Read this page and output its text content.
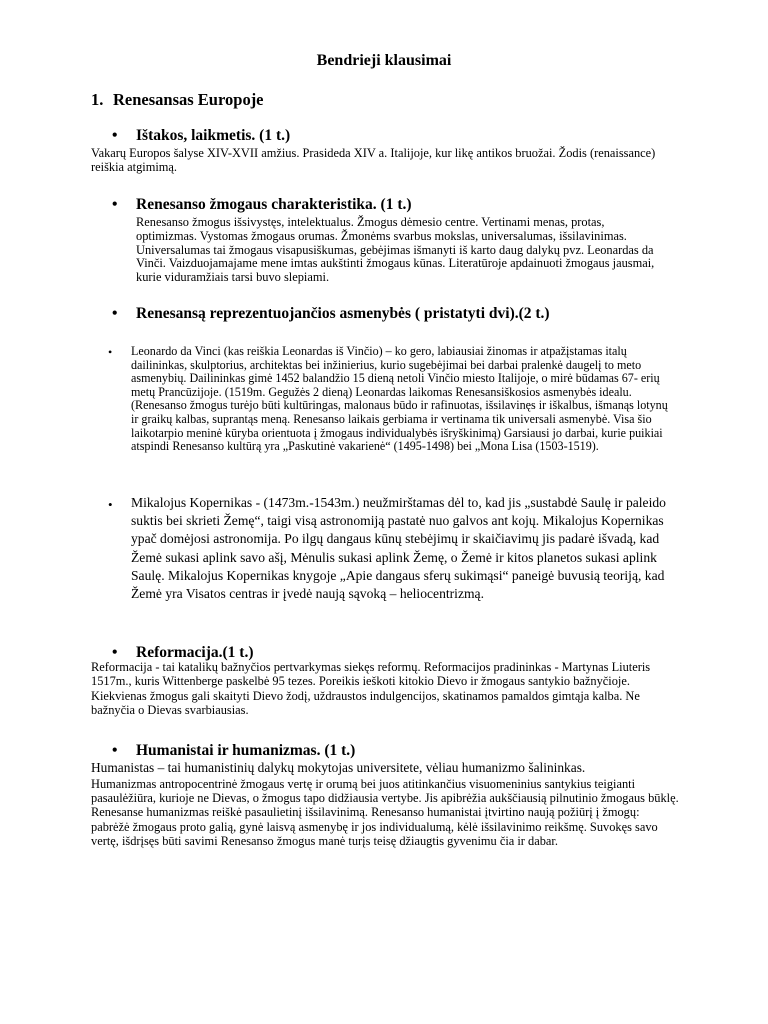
Bendrieji klausimai
1. Renesansas Europoje
• Ištakos, laikmetis. (1 t.)
Vakarų Europos šalyse XIV-XVII amžius. Prasideda XIV a. Italijoje, kur likę antikos bruožai. Žodis (renaissance) reiškia atgimimą.
• Renesanso žmogaus charakteristika. (1 t.)
Renesanso žmogus išsivystęs, intelektualus. Žmogus dėmesio centre. Vertinami menas, protas, optimizmas. Vystomas žmogaus orumas. Žmonėms svarbus mokslas, universalumas, išsilavinimas. Universalumas tai žmogaus visapusiškumas, gebėjimas išmanyti iš karto daug dalykų pvz. Leonardas da Vinči. Vaizduojamajame mene imtas aukštinti žmogaus kūnas. Literatūroje apdainuoti žmogaus jausmai, kurie viduramžiais tarsi buvo slepiami.
• Renesansą reprezentuojančios asmenybės ( pristatyti dvi).(2 t.)
• Leonardo da Vinci (kas reiškia Leonardas iš Vinčio) – ko gero, labiausiai žinomas ir atpažįstamas italų dailininkas, skulptorius, architektas bei inžinierius, kurio sugebėjimai bei darbai pralenkė daugelį to meto asmenybių. Dailininkas gimė 1452 balandžio 15 dieną netoli Vinčio miesto Italijoje, o mirė būdamas 67- erių metų Prancūzijoje. (1519m. Gegužės 2 dieną) Leonardas laikomas Renesansiškosios asmenybės idealu. (Renesanso žmogus turėjo būti kultūringas, malonaus būdo ir rafinuotas, išsilavinęs ir iškalbus, išmanąs lotynų ir graikų kalbas, suprantąs meną. Renesanso laikais gerbiama ir vertinama tik universali asmenybė. Visa šio laikotarpio meninė kūryba orientuota į žmogaus individualybės išryškinimą) Garsiausi jo darbai, kurie puikiai atspindi Renesanso kultūrą yra „Paskutinė vakarienė“ (1495-1498) bei „Mona Lisa (1503-1519).
• Mikalojus Kopernikas - (1473m.-1543m.) neužmirštamas dėl to, kad jis „sustabdė Saulę ir paleido suktis bei skrieti Žemę“, taigi visą astronomiją pastatė nuo galvos ant kojų. Mikalojus Kopernikas ypač domėjosi astronomija. Po ilgų dangaus kūnų stebėjimų ir skaičiavimų jis padarė išvadą, kad Žemė sukasi aplink savo ašį, Mėnulis sukasi aplink Žemę, o Žemė ir kitos planetos sukasi aplink Saulę. Mikalojus Kopernikas knygoje „Apie dangaus sferų sukimąsi“ paneigė buvusią teoriją, kad Žemė yra Visatos centras ir įvedė naują sąvoką – heliocentrizmą.
• Reformacija.(1 t.)
Reformacija - tai katalikų bažnyčios pertvarkymas siekęs reformų. Reformacijos pradininkas - Martynas Liuteris 1517m., kuris Wittenberge paskelbė 95 tezes. Poreikis ieškoti kitokio Dievo ir žmogaus santykio bažnyčioje. Kiekvienas žmogus gali skaityti Dievo žodį, uždraustos indulgencijos, skatinamos pamaldos gimtąja kalba. Ne bažnyčia o Dievas svarbiausias.
• Humanistai ir humanizmas. (1 t.)
Humanistas – tai humanistinių dalykų mokytojas universitete, vėliau humanizmo šalininkas.
Humanizmas antropocentrinė žmogaus vertę ir orumą bei juos atitinkančius visuomeninius santykius teigianti pasaulėžiūra, kurioje ne Dievas, o žmogus tapo didžiausia vertybe. Jis apibrėžia aukščiausią pilnutinio žmogaus būklę. Renesanse humanizmas reiškė pasaulietinį išsilavinimą. Renesanso humanistai įtvirtino naują požiūrį į žmogų: pabrėžė žmogaus proto galią, gynė laisvą asmenybę ir jos individualumą, kėlė išsilavinimo reikšmę. Suvokęs savo vertę, išdrįsęs būti savimi Renesanso žmogus manė turįs teisę džiaugtis gyvenimu čia ir dabar.
